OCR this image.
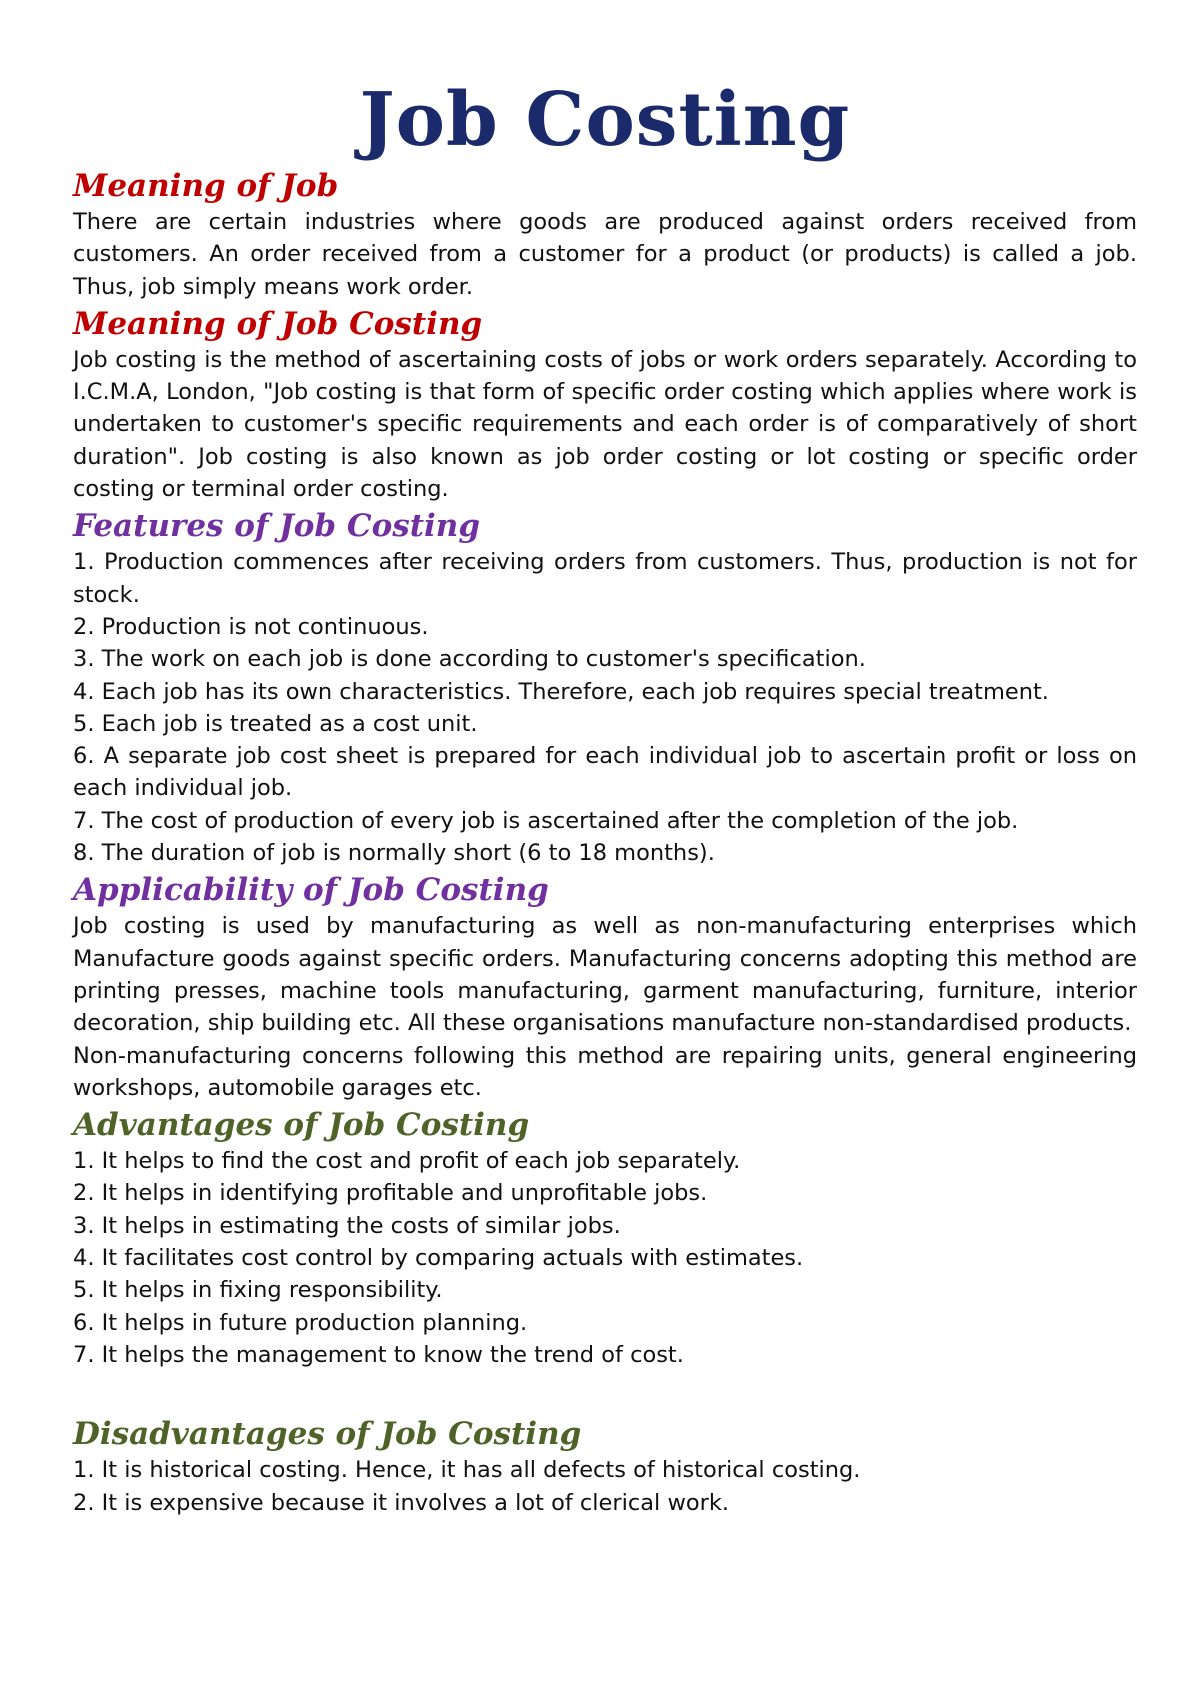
Job Costing
Meaning of Job

There are certain industries where goods are produced against orders received from customers. An order received from a customer for a product (or products) is called a job. Thus, job simply means work order.

Meaning of Job Costing

Job costing is the method of ascertaining costs of jobs or work orders separately. According to I.C.M.A, London, "Job costing is that form of specific order costing which applies where work is undertaken to customer's specific requirements and each order is of comparatively of short duration". Job costing is also known as job order costing or lot costing or specific order costing or terminal order costing.

Features of Job Costing
1. Production commences after receiving orders from customers. Thus, production is not for stock.
2. Production is not continuous.
3. The work on each job is done according to customer's specification.
4. Each job has its own characteristics. Therefore, each job requires special treatment.
5. Each job is treated as a cost unit.
6. A separate job cost sheet is prepared for each individual job to ascertain profit or loss on each individual job.
7. The cost of production of every job is ascertained after the completion of the job.
8. The duration of job is normally short (6 to 18 months).
Applicability of Job Costing

Job costing is used by manufacturing as well as non-manufacturing enterprises which Manufacture goods against specific orders. Manufacturing concerns adopting this method are printing presses, machine tools manufacturing, garment manufacturing, furniture, interior decoration, ship building etc. All these organisations manufacture non-standardised products.

Non-manufacturing concerns following this method are repairing units, general engineering workshops, automobile garages etc.

Advantages of Job Costing
1. It helps to find the cost and profit of each job separately.
2. It helps in identifying profitable and unprofitable jobs.
3. It helps in estimating the costs of similar jobs.
4. It facilitates cost control by comparing actuals with estimates.
5. It helps in fixing responsibility.
6. It helps in future production planning.
7. It helps the management to know the trend of cost.
Disadvantages of Job Costing
1. It is historical costing. Hence, it has all defects of historical costing.
2. It is expensive because it involves a lot of clerical work.
